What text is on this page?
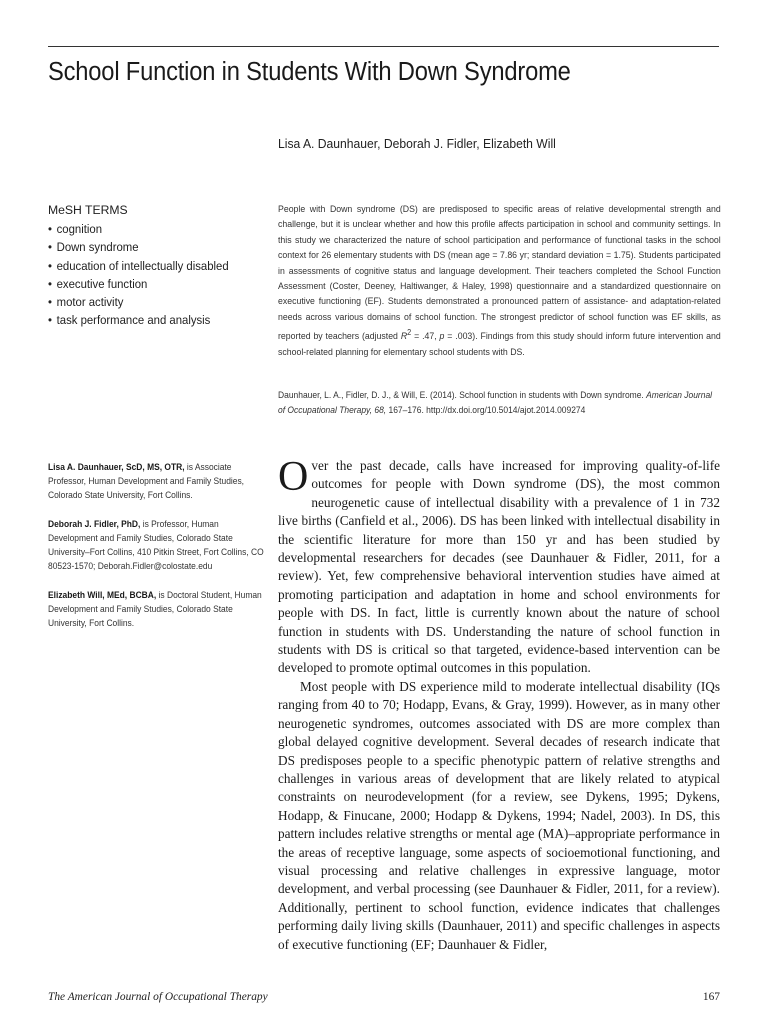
School Function in Students With Down Syndrome

Lisa A. Daunhauer, Deborah J. Fidler, Elizabeth Will

MeSH TERMS

• cognition
• Down syndrome
• education of intellectually disabled
• executive function
• motor activity
• task performance and analysis

People with Down syndrome (DS) are predisposed to specific areas of relative developmental strength and challenge, but it is unclear whether and how this profile affects participation in school and community settings. In this study we characterized the nature of school participation and performance of functional tasks in the school context for 26 elementary students with DS (mean age = 7.86 yr; standard deviation = 1.75). Students participated in assessments of cognitive status and language development. Their teachers completed the School Function Assessment (Coster, Deeney, Haltiwanger, & Haley, 1998) questionnaire and a standardized questionnaire on executive functioning (EF). Students demonstrated a pronounced pattern of assistance- and adaptation-related needs across various domains of school function. The strongest predictor of school function was EF skills, as reported by teachers (adjusted $R^2 = .47$, p = .003). Findings from this study should inform future intervention and school-related planning for elementary school students with DS.

Daunhauer, L. A., Fidler, D. J., & Will, E. (2014). School function in students with Down syndrome. American Journal of Occupational Therapy, 68, 167–176. http://dx.doi.org/10.5014/ajot.2014.009274

Lisa A. Daunhauer, ScD, MS, OTR, is Associate Professor, Human Development and Family Studies, Colorado State University, Fort Collins.

Deborah J. Fidler, PhD, is Professor, Human Development and Family Studies, Colorado State University–Fort Collins, 410 Pitkin Street, Fort Collins, CO 80523-1570; Deborah.Fidler@colostate.edu

Elizabeth Will, MEd, BCBA, is Doctoral Student, Human Development and Family Studies, Colorado State University, Fort Collins.

Over the past decade, calls have increased for improving quality-of-life outcomes for people with Down syndrome (DS), the most common neurogenetic cause of intellectual disability with a prevalence of 1 in 732 live births (Canfield et al., 2006). DS has been linked with intellectual disability in the scientific literature for more than 150 yr and has been studied by developmental researchers for decades (see Daunhauer & Fidler, 2011, for a review). Yet, few comprehensive behavioral intervention studies have aimed at promoting participation and adaptation in home and school environments for people with DS. In fact, little is currently known about the nature of school function in students with DS. Understanding the nature of school function in students with DS is critical so that targeted, evidence-based intervention can be developed to promote optimal outcomes in this population.

Most people with DS experience mild to moderate intellectual disability (IQs ranging from 40 to 70; Hodapp, Evans, & Gray, 1999). However, as in many other neurogenetic syndromes, outcomes associated with DS are more complex than global delayed cognitive development. Several decades of research indicate that DS predisposes people to a specific phenotypic pattern of relative strengths and challenges in various areas of development that are likely related to atypical constraints on neurodevelopment (for a review, see Dykens, 1995; Dykens, Hodapp, & Finucane, 2000; Hodapp & Dykens, 1994; Nadel, 2003). In DS, this pattern includes relative strengths or mental age (MA)–appropriate performance in the areas of receptive language, some aspects of socioemotional functioning, and visual processing and relative challenges in expressive language, motor development, and verbal processing (see Daunhauer & Fidler, 2011, for a review). Additionally, pertinent to school function, evidence indicates that challenges performing daily living skills (Daunhauer, 2011) and specific challenges in aspects of executive functioning (EF; Daunhauer & Fidler,

The American Journal of Occupational Therapy	167
